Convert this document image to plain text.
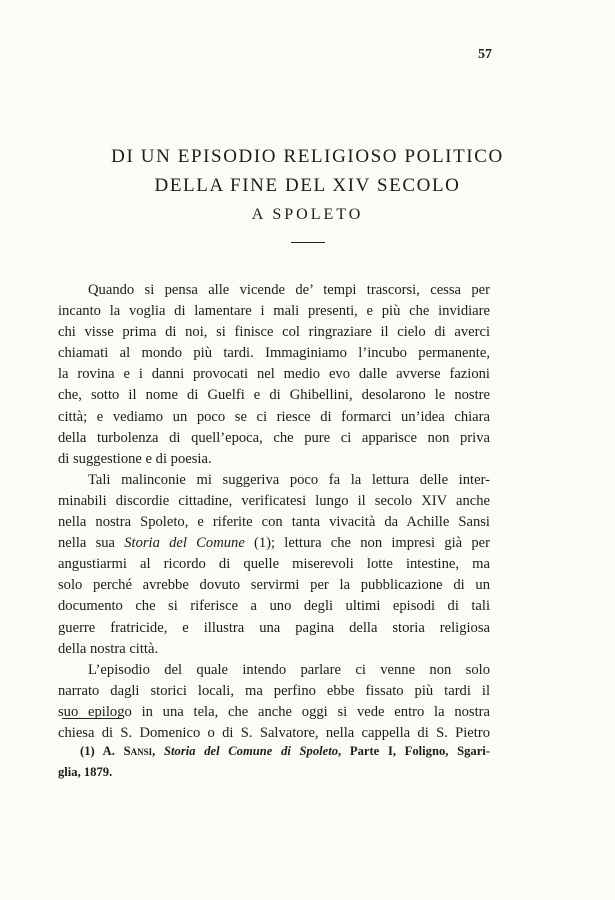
57
DI UN EPISODIO RELIGIOSO POLITICO
DELLA FINE DEL XIV SECOLO
A SPOLETO
Quando si pensa alle vicende de’ tempi trascorsi, cessa per
incanto la voglia di lamentare i mali presenti, e più che invidiare
chi visse prima di noi, si finisce col ringraziare il cielo di averci
chiamati al mondo più tardi. Immaginiamo l’incubo permanente,
la rovina e i danni provocati nel medio evo dalle avverse fazioni
che, sotto il nome di Guelfi e di Ghibellini, desolarono le nostre
città; e vediamo un poco se ci riesce di formarci un’idea chiara
della turbolenza di quell’epoca, che pure ci apparisce non priva
di suggestione e di poesia.
Tali malinconie mi suggeriva poco fa la lettura delle inter-
minabili discordie cittadine, verificatesi lungo il secolo XIV anche
nella nostra Spoleto, e riferite con tanta vivacità da Achille Sansi
nella sua Storia del Comune (1); lettura che non impresi già per
angustiarmi al ricordo di quelle miserevoli lotte intestine, ma
solo perché avrebbe dovuto servirmi per la pubblicazione di un
documento che si riferisce a uno degli ultimi episodi di tali
guerre fratricide, e illustra una pagina della storia religiosa
della nostra città.
L’episodio del quale intendo parlare ci venne non solo
narrato dagli storici locali, ma perfino ebbe fissato più tardi il
suo epilogo in una tela, che anche oggi si vede entro la nostra
chiesa di S. Domenico o di S. Salvatore, nella cappella di S. Pietro
(1) A. Sansi, Storia del Comune di Spoleto, Parte I, Foligno, Sgari-
glia, 1879.
